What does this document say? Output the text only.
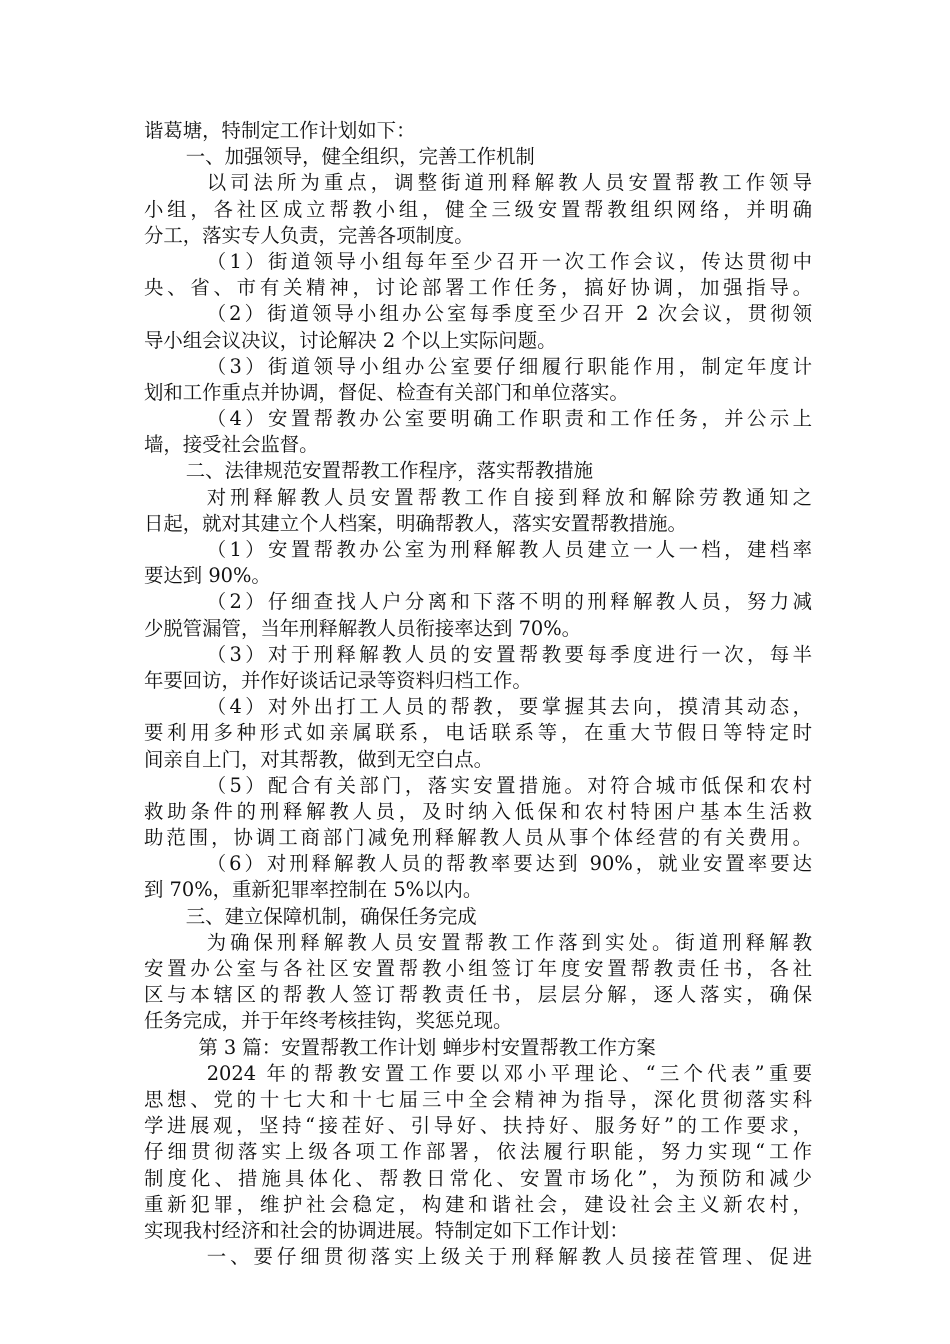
谐葛塘，特制定工作计划如下：
一、加强领导，健全组织，完善工作机制
以司法所为重点，调整街道刑释解教人员安置帮教工作领导
小组，各社区成立帮教小组，健全三级安置帮教组织网络，并明确
分工，落实专人负责，完善各项制度。
（1）街道领导小组每年至少召开一次工作会议，传达贯彻中
央、省、市有关精神，讨论部署工作任务，搞好协调，加强指导。
（2）街道领导小组办公室每季度至少召开 2 次会议，贯彻领
导小组会议决议，讨论解决 2 个以上实际问题。
（3）街道领导小组办公室要仔细履行职能作用，制定年度计
划和工作重点并协调，督促、检查有关部门和单位落实。
（4）安置帮教办公室要明确工作职责和工作任务，并公示上
墙，接受社会监督。
二、法律规范安置帮教工作程序，落实帮教措施
对刑释解教人员安置帮教工作自接到释放和解除劳教通知之
日起，就对其建立个人档案，明确帮教人，落实安置帮教措施。
（1）安置帮教办公室为刑释解教人员建立一人一档，建档率
要达到 90%。
（2）仔细查找人户分离和下落不明的刑释解教人员，努力减
少脱管漏管，当年刑释解教人员衔接率达到 70%。
（3）对于刑释解教人员的安置帮教要每季度进行一次，每半
年要回访，并作好谈话记录等资料归档工作。
（4）对外出打工人员的帮教，要掌握其去向，摸清其动态，
要利用多种形式如亲属联系，电话联系等，在重大节假日等特定时
间亲自上门，对其帮教，做到无空白点。
（5）配合有关部门，落实安置措施。对符合城市低保和农村
救助条件的刑释解教人员，及时纳入低保和农村特困户基本生活救
助范围，协调工商部门减免刑释解教人员从事个体经营的有关费用。
（6）对刑释解教人员的帮教率要达到 90%，就业安置率要达
到 70%，重新犯罪率控制在 5%以内。
三、建立保障机制，确保任务完成
为确保刑释解教人员安置帮教工作落到实处。街道刑释解教
安置办公室与各社区安置帮教小组签订年度安置帮教责任书，各社
区与本辖区的帮教人签订帮教责任书，层层分解，逐人落实，确保
任务完成，并于年终考核挂钩，奖惩兑现。
第 3 篇：安置帮教工作计划 蝉步村安置帮教工作方案
2024 年的帮教安置工作要以邓小平理论、“三个代表”重要
思想、党的十七大和十七届三中全会精神为指导，深化贯彻落实科
学进展观，坚持“接茬好、引导好、扶持好、服务好”的工作要求，
仔细贯彻落实上级各项工作部署，依法履行职能，努力实现“工作
制度化、措施具体化、帮教日常化、安置市场化”，为预防和减少
重新犯罪，维护社会稳定，构建和谐社会，建设社会主义新农村，
实现我村经济和社会的协调进展。特制定如下工作计划：
一、要仔细贯彻落实上级关于刑释解教人员接茬管理、促进
